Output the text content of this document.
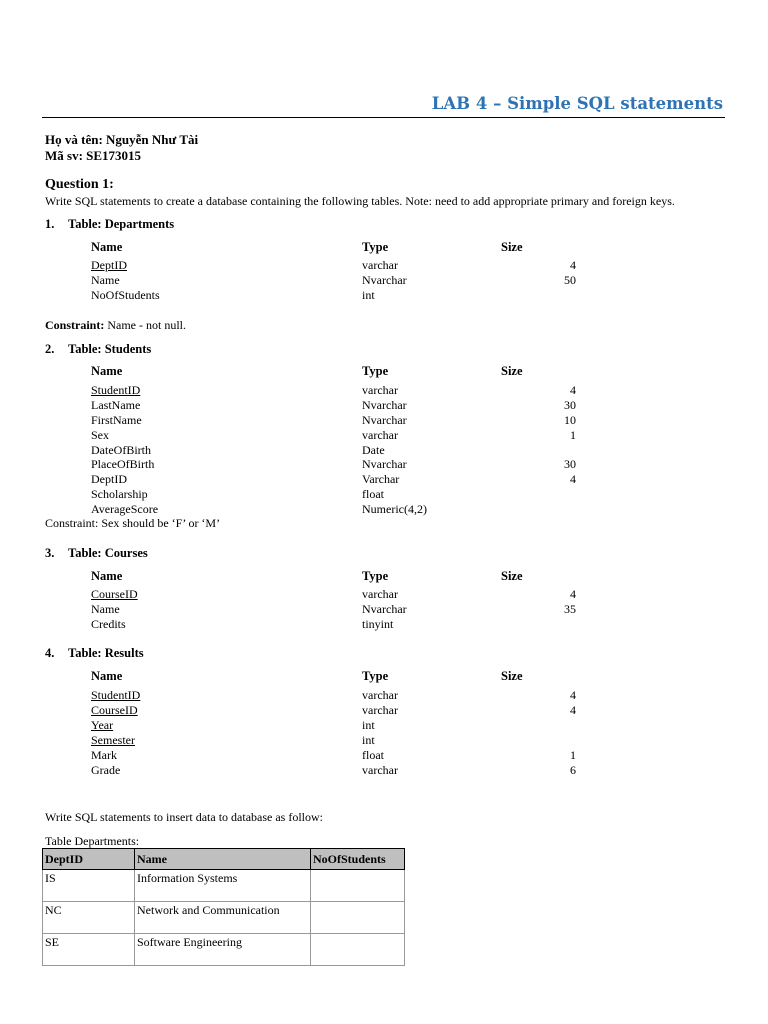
LAB 4 – Simple SQL statements
Họ và tên: Nguyễn Như Tài
Mã sv: SE173015
Question 1:
Write SQL statements to create a database containing the following tables. Note: need to add appropriate primary and foreign keys.
1. Table: Departments
Name	Type	Size
DeptID	varchar	4
Name	Nvarchar	50
NoOfStudents	int
Constraint: Name - not null.
2. Table: Students
Name	Type	Size
StudentID	varchar	4
LastName	Nvarchar	30
FirstName	Nvarchar	10
Sex	varchar	1
DateOfBirth	Date
PlaceOfBirth	Nvarchar	30
DeptID	Varchar	4
Scholarship	float
AverageScore	Numeric(4,2)
Constraint: Sex should be ‘F’ or ‘M’
3. Table: Courses
Name	Type	Size
CourseID	varchar	4
Name	Nvarchar	35
Credits	tinyint
4. Table: Results
Name	Type	Size
StudentID	varchar	4
CourseID	varchar	4
Year	int
Semester	int
Mark	float	1
Grade	varchar	6
Write SQL statements to insert data to database as follow:
Table Departments:
DeptID	Name	NoOfStudents
IS	Information Systems	
NC	Network and Communication	
SE	Software Engineering	
